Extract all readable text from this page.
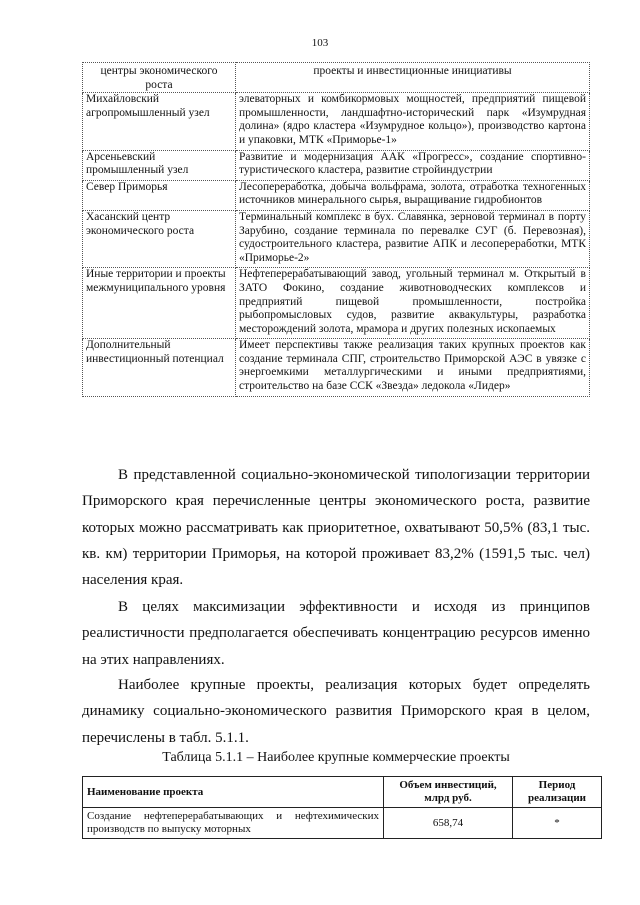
103
центры экономического роста	проекты и инвестиционные инициативы
Михайловский агропромышленный узел	элеваторных и комбикормовых мощностей, предприятий пищевой промышленности, ландшафтно-исторический парк «Изумрудная долина» (ядро кластера «Изумрудное кольцо»), производство картона и упаковки, МТК «Приморье-1»
Арсеньевский промышленный узел	Развитие и модернизация ААК «Прогресс», создание спортивно-туристического кластера, развитие стройиндустрии
Север Приморья	Лесопереработка, добыча вольфрама, золота, отработка техногенных источников минерального сырья, выращивание гидробионтов
Хасанский центр экономического роста	Терминальный комплекс в бух. Славянка, зерновой терминал в порту Зарубино, создание терминала по перевалке СУГ (б. Перевозная), судостроительного кластера, развитие АПК и лесопереработки, МТК «Приморье-2»
Иные территории и проекты межмуниципального уровня	Нефтеперерабатывающий завод, угольный терминал м. Открытый в ЗАТО Фокино, создание животноводческих комплексов и предприятий пищевой промышленности, постройка рыбопромысловых судов, развитие аквакультуры, разработка месторождений золота, мрамора и других полезных ископаемых
Дополнительный инвестиционный потенциал	Имеет перспективы также реализация таких крупных проектов как создание терминала СПГ, строительство Приморской АЭС в увязке с энергоемкими металлургическими и иными предприятиями, строительство на базе ССК «Звезда» ледокола «Лидер»

В представленной социально-экономической типологизации территории Приморского края перечисленные центры экономического роста, развитие которых можно рассматривать как приоритетное, охватывают 50,5% (83,1 тыс. кв. км) территории Приморья, на которой проживает 83,2% (1591,5 тыс. чел) населения края.

В целях максимизации эффективности и исходя из принципов реалистичности предполагается обеспечивать концентрацию ресурсов именно на этих направлениях.

Наиболее крупные проекты, реализация которых будет определять динамику социально-экономического развития Приморского края в целом, перечислены в табл. 5.1.1.

Таблица 5.1.1 – Наиболее крупные коммерческие проекты
Наименование проекта	Объем инвестиций, млрд руб.	Период реализации
Создание нефтеперерабатывающих и нефтехимических производств по выпуску моторных	658,74	*
